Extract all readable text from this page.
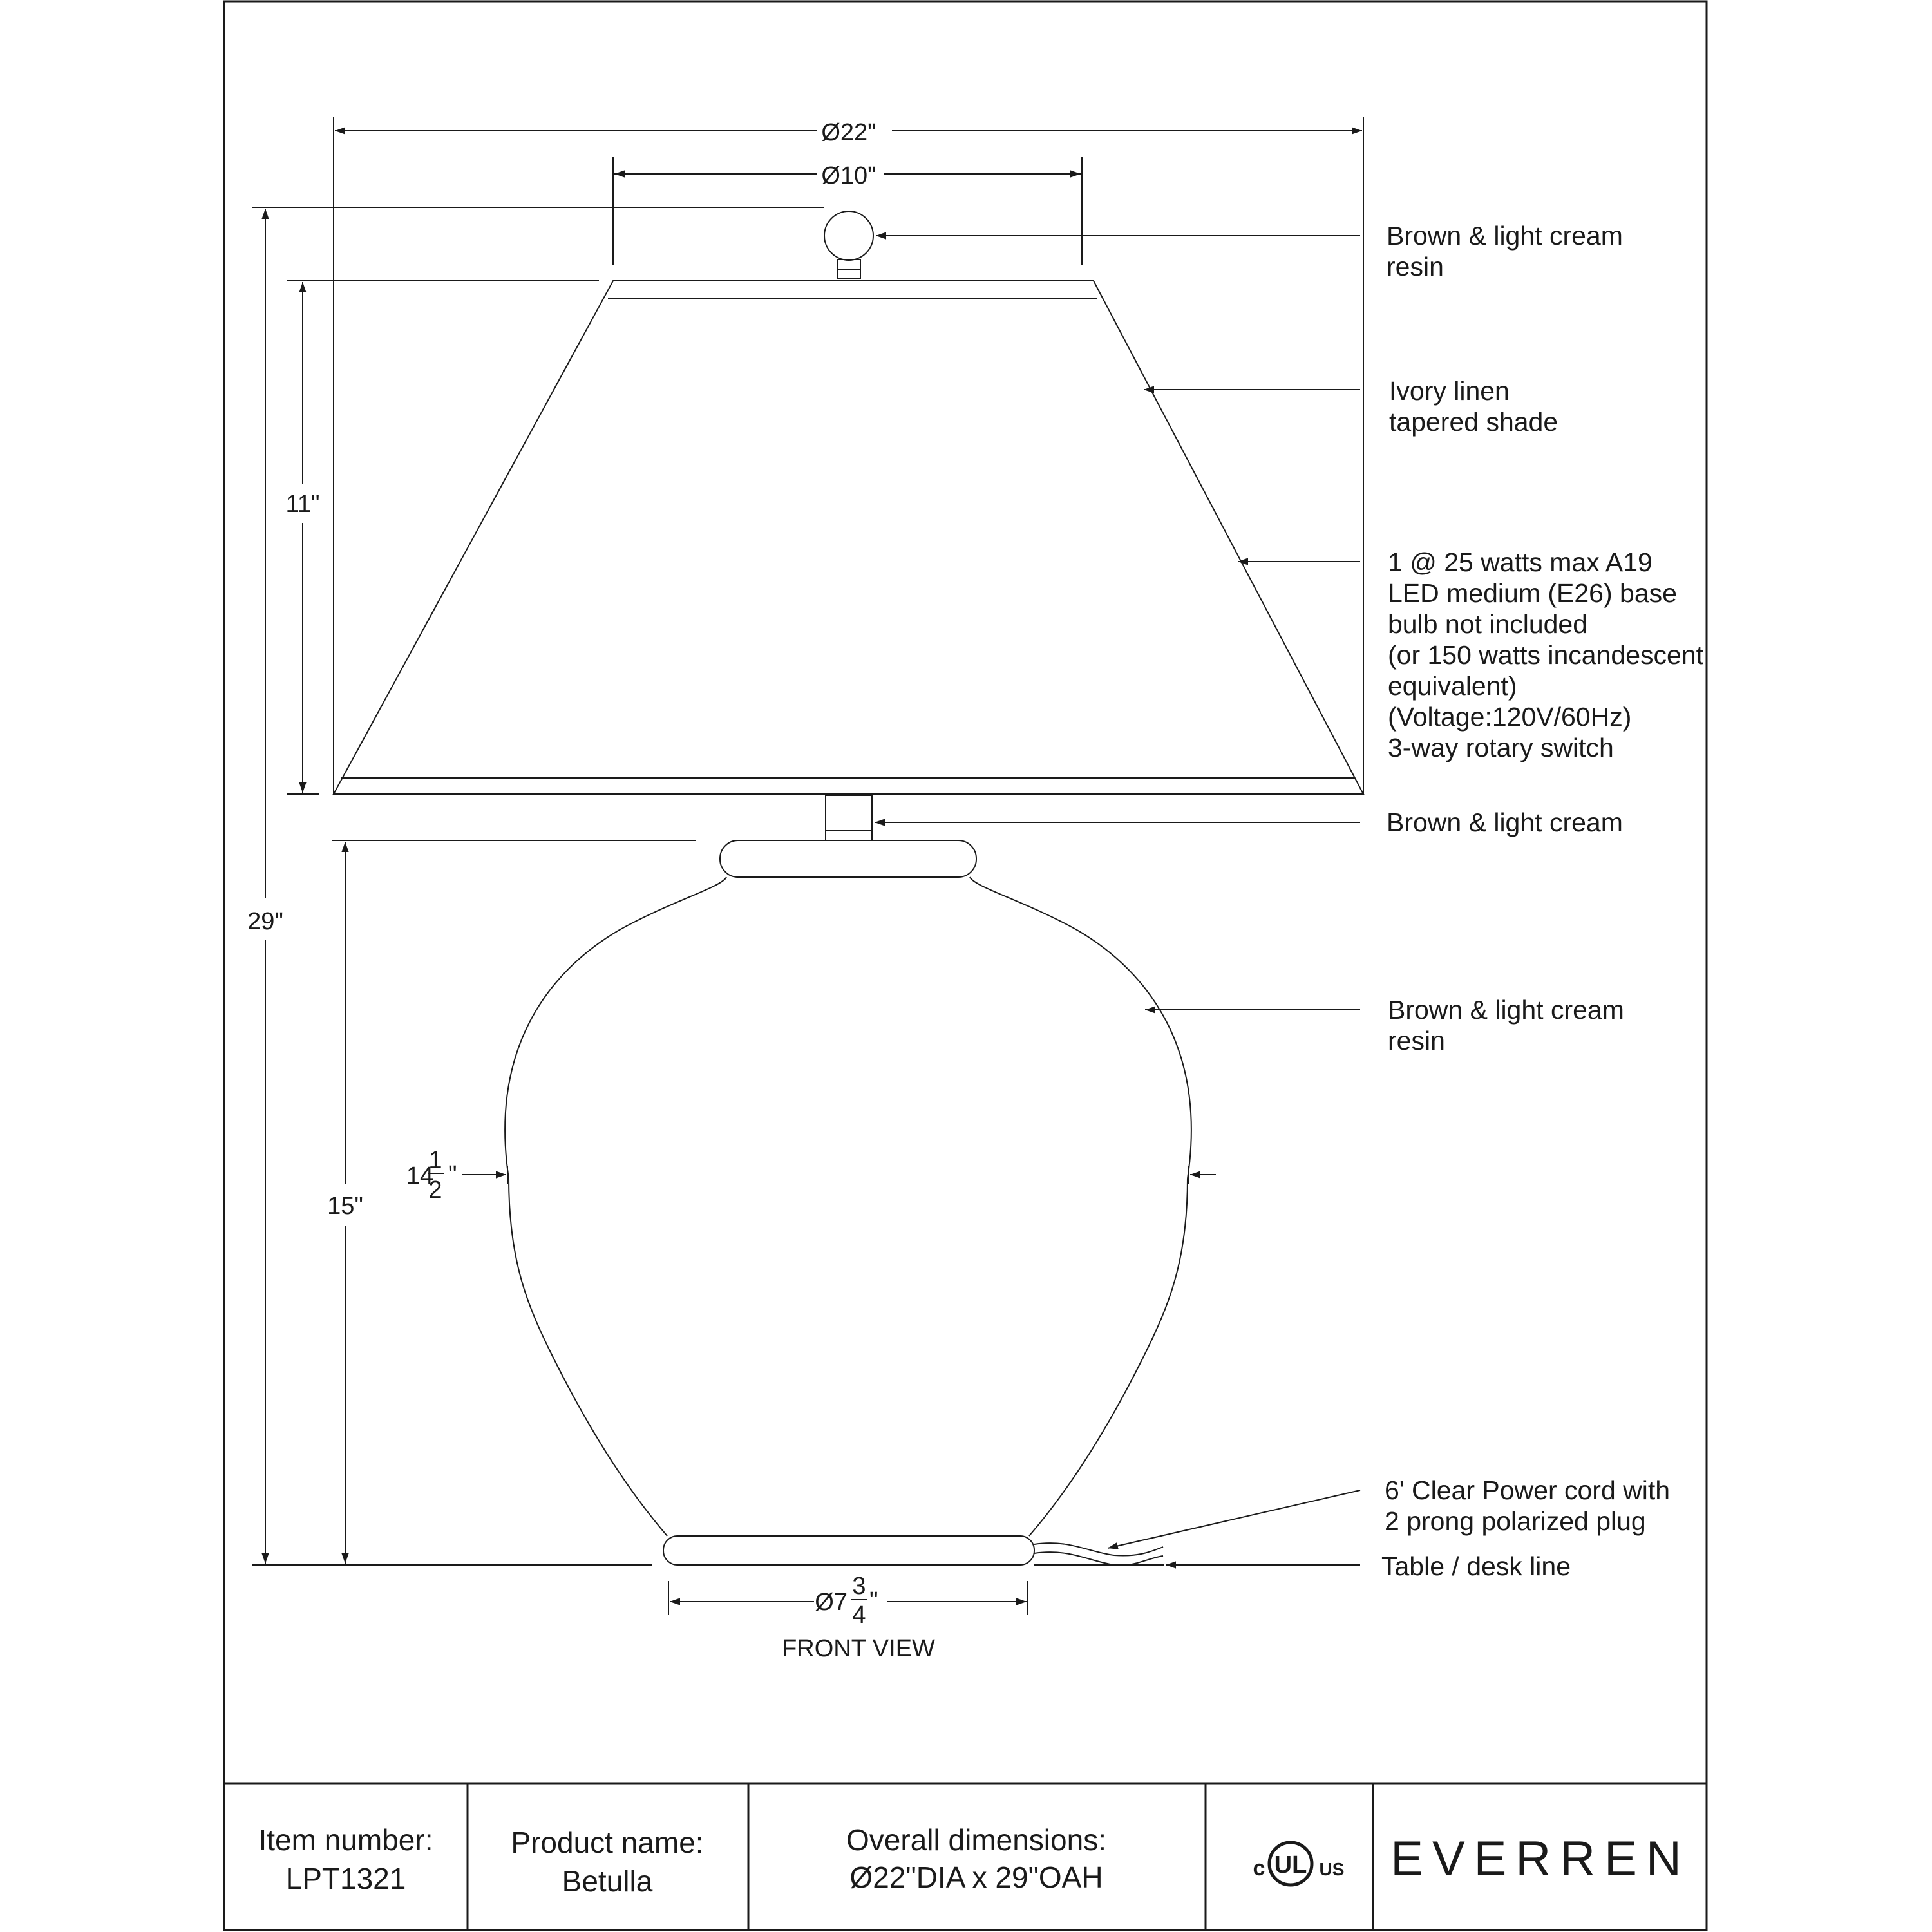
Ø22"
Ø10"
11"
29"
15"
14
1
2
"
Ø7
3
4
"
FRONT VIEW
Brown & light cream
resin
Ivory linen
tapered shade
1 @ 25 watts max A19
LED medium (E26) base
bulb not included
(or 150 watts incandescent
equivalent)
(Voltage:120V/60Hz)
3-way rotary switch
Brown & light cream
Brown & light cream
resin
6' Clear Power cord with
2 prong polarized plug
Table / desk line
Item number:
LPT1321
Product name:
Betulla
Overall dimensions:
Ø22"DIA x 29"OAH	c UL US EVERREN
